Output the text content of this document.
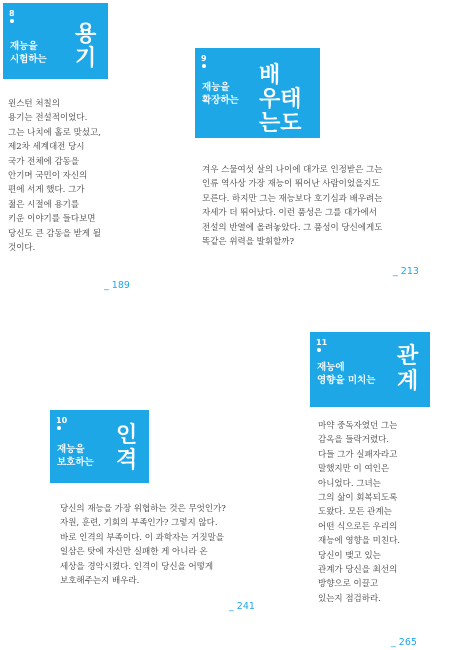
8
재능을
시험하는
용
기
윈스턴 처칠의
용기는 전설적이었다.
그는 나치에 홀로 맞섰고,
제2차 세계대전 당시
국가 전체에 감동을
안기며 국민이 자신의
편에 서게 했다. 그가
젊은 시절에 용기를
키운 이야기를 들다보면
당신도 큰 감동을 받게 될
것이다.
_ 189
9
재능을
확장하는
배
우태
는도
겨우 스물여섯 살의 나이에 대가로 인정받은 그는
인류 역사상 가장 재능이 뛰어난 사람이었을지도
모른다. 하지만 그는 재능보다 호기심과 배우려는
자세가 더 뛰어났다. 이런 품성은 그를 대가에서
전설의 반열에 올려놓았다. 그 품성이 당신에게도
똑같은 위력을 발휘할까?
_ 213
11
재능에
영향을 미치는
관
계
마약 중독자였던 그는
감옥을 들락거렸다.
다들 그가 실패자라고
말했지만 이 여인은
아니었다. 그녀는
그의 삶이 회복되도록
도왔다. 모든 관계는
어떤 식으로든 우리의
재능에 영향을 미친다.
당신이 맺고 있는
관계가 당신을 최선의
방향으로 이끌고
있는지 점검하라.
_ 265
10
재능을
보호하는
인
격
당신의 재능을 가장 위협하는 것은 무엇인가?
자원, 훈련, 기회의 부족인가? 그렇지 않다.
바로 인격의 부족이다. 이 과학자는 거짓말을
일삼은 탓에 자신만 실패한 게 아니라 온
세상을 경악시켰다. 인격이 당신을 어떻게
보호해주는지 배우라.
_ 241
